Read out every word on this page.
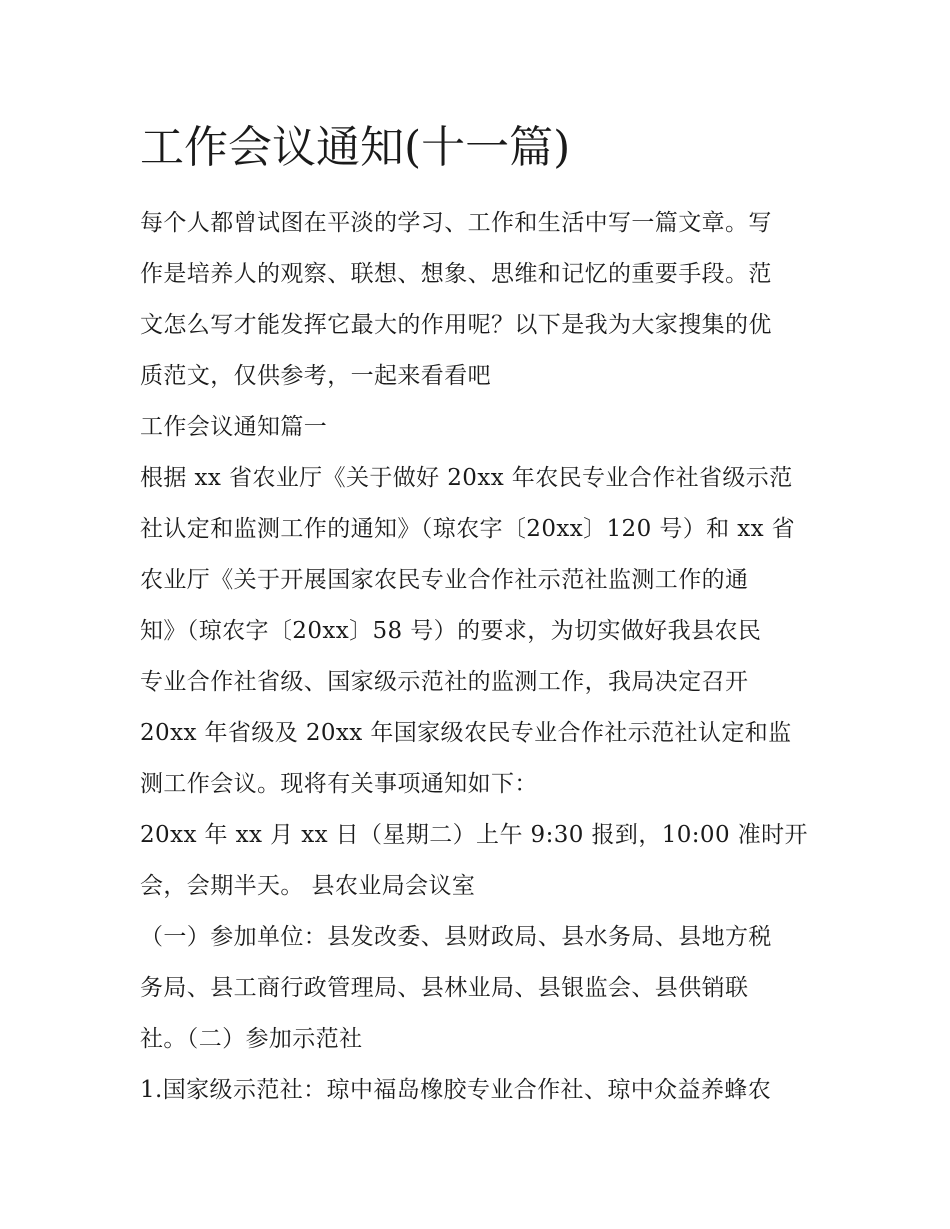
工作会议通知(十一篇)
每个人都曾试图在平淡的学习、工作和生活中写一篇文章。写
作是培养人的观察、联想、想象、思维和记忆的重要手段。范
文怎么写才能发挥它最大的作用呢？以下是我为大家搜集的优
质范文，仅供参考，一起来看看吧
工作会议通知篇一
根据 xx 省农业厅《关于做好 20xx 年农民专业合作社省级示范
社认定和监测工作的通知》（琼农字〔20xx〕120 号）和 xx 省
农业厅《关于开展国家农民专业合作社示范社监测工作的通
知》（琼农字〔20xx〕58 号）的要求，为切实做好我县农民
专业合作社省级、国家级示范社的监测工作，我局决定召开
20xx 年省级及 20xx 年国家级农民专业合作社示范社认定和监
测工作会议。现将有关事项通知如下：
20xx 年 xx 月 xx 日（星期二）上午 9:30 报到，10:00 准时开
会，会期半天。 县农业局会议室
（一）参加单位：县发改委、县财政局、县水务局、县地方税
务局、县工商行政管理局、县林业局、县银监会、县供销联
社。（二）参加示范社
1.国家级示范社：琼中福岛橡胶专业合作社、琼中众益养蜂农
